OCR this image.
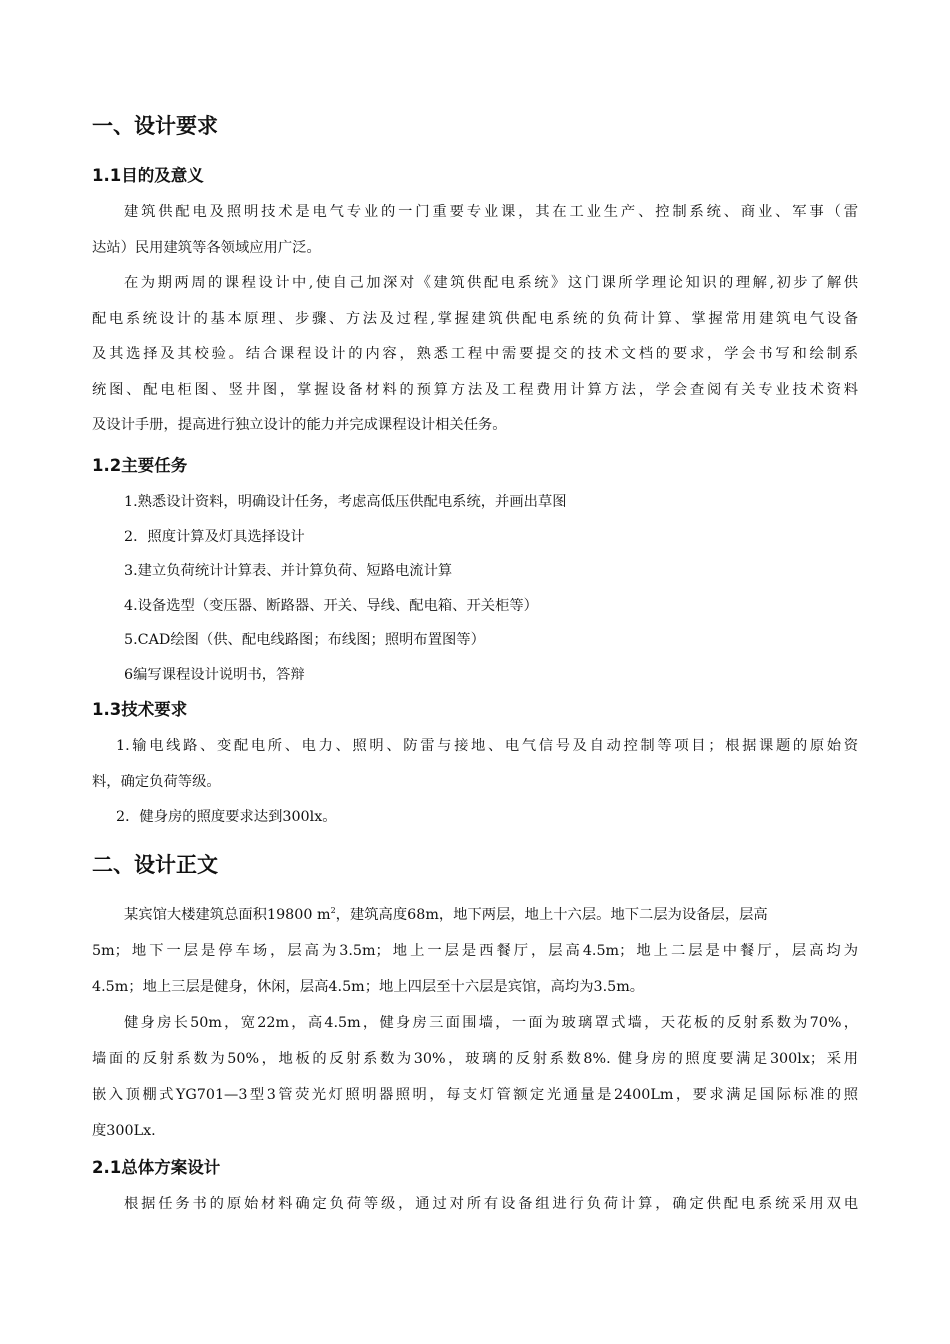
一、设计要求
1.1目的及意义
建筑供配电及照明技术是电气专业的一门重要专业课，其在工业生产、控制系统、商业、军事（雷
达站）民用建筑等各领域应用广泛。
在为期两周的课程设计中,使自己加深对《建筑供配电系统》这门课所学理论知识的理解,初步了解供
配电系统设计的基本原理、步骤、方法及过程,掌握建筑供配电系统的负荷计算、掌握常用建筑电气设备
及其选择及其校验。结合课程设计的内容，熟悉工程中需要提交的技术文档的要求，学会书写和绘制系
统图、配电柜图、竖井图，掌握设备材料的预算方法及工程费用计算方法，学会查阅有关专业技术资料
及设计手册，提高进行独立设计的能力并完成课程设计相关任务。
1.2主要任务
1.熟悉设计资料，明确设计任务，考虑高低压供配电系统，并画出草图
2．照度计算及灯具选择设计
3.建立负荷统计计算表、并计算负荷、短路电流计算
4.设备选型（变压器、断路器、开关、导线、配电箱、开关柜等）
5.CAD绘图（供、配电线路图；布线图；照明布置图等）
6编写课程设计说明书，答辩
1.3技术要求
1.输电线路、变配电所、电力、照明、防雷与接地、电气信号及自动控制等项目；根据课题的原始资
料，确定负荷等级。
2．健身房的照度要求达到300lx。
二、设计正文
某宾馆大楼建筑总面积19800 $m^2$，建筑高度68m，地下两层，地上十六层。地下二层为设备层，层高
5m；地下一层是停车场，层高为3.5m；地上一层是西餐厅，层高4.5m；地上二层是中餐厅，层高均为
4.5m；地上三层是健身，休闲，层高4.5m；地上四层至十六层是宾馆，高均为3.5m。
健身房长50m，宽22m，高4.5m，健身房三面围墙，一面为玻璃罩式墙，天花板的反射系数为70%，
墙面的反射系数为50%，地板的反射系数为30%，玻璃的反射系数8%. 健身房的照度要满足300lx；采用
嵌入顶棚式YG701—3型3管荧光灯照明器照明，每支灯管额定光通量是2400Lm，要求满足国际标准的照
度300Lx.
2.1总体方案设计
根据任务书的原始材料确定负荷等级，通过对所有设备组进行负荷计算，确定供配电系统采用双电
